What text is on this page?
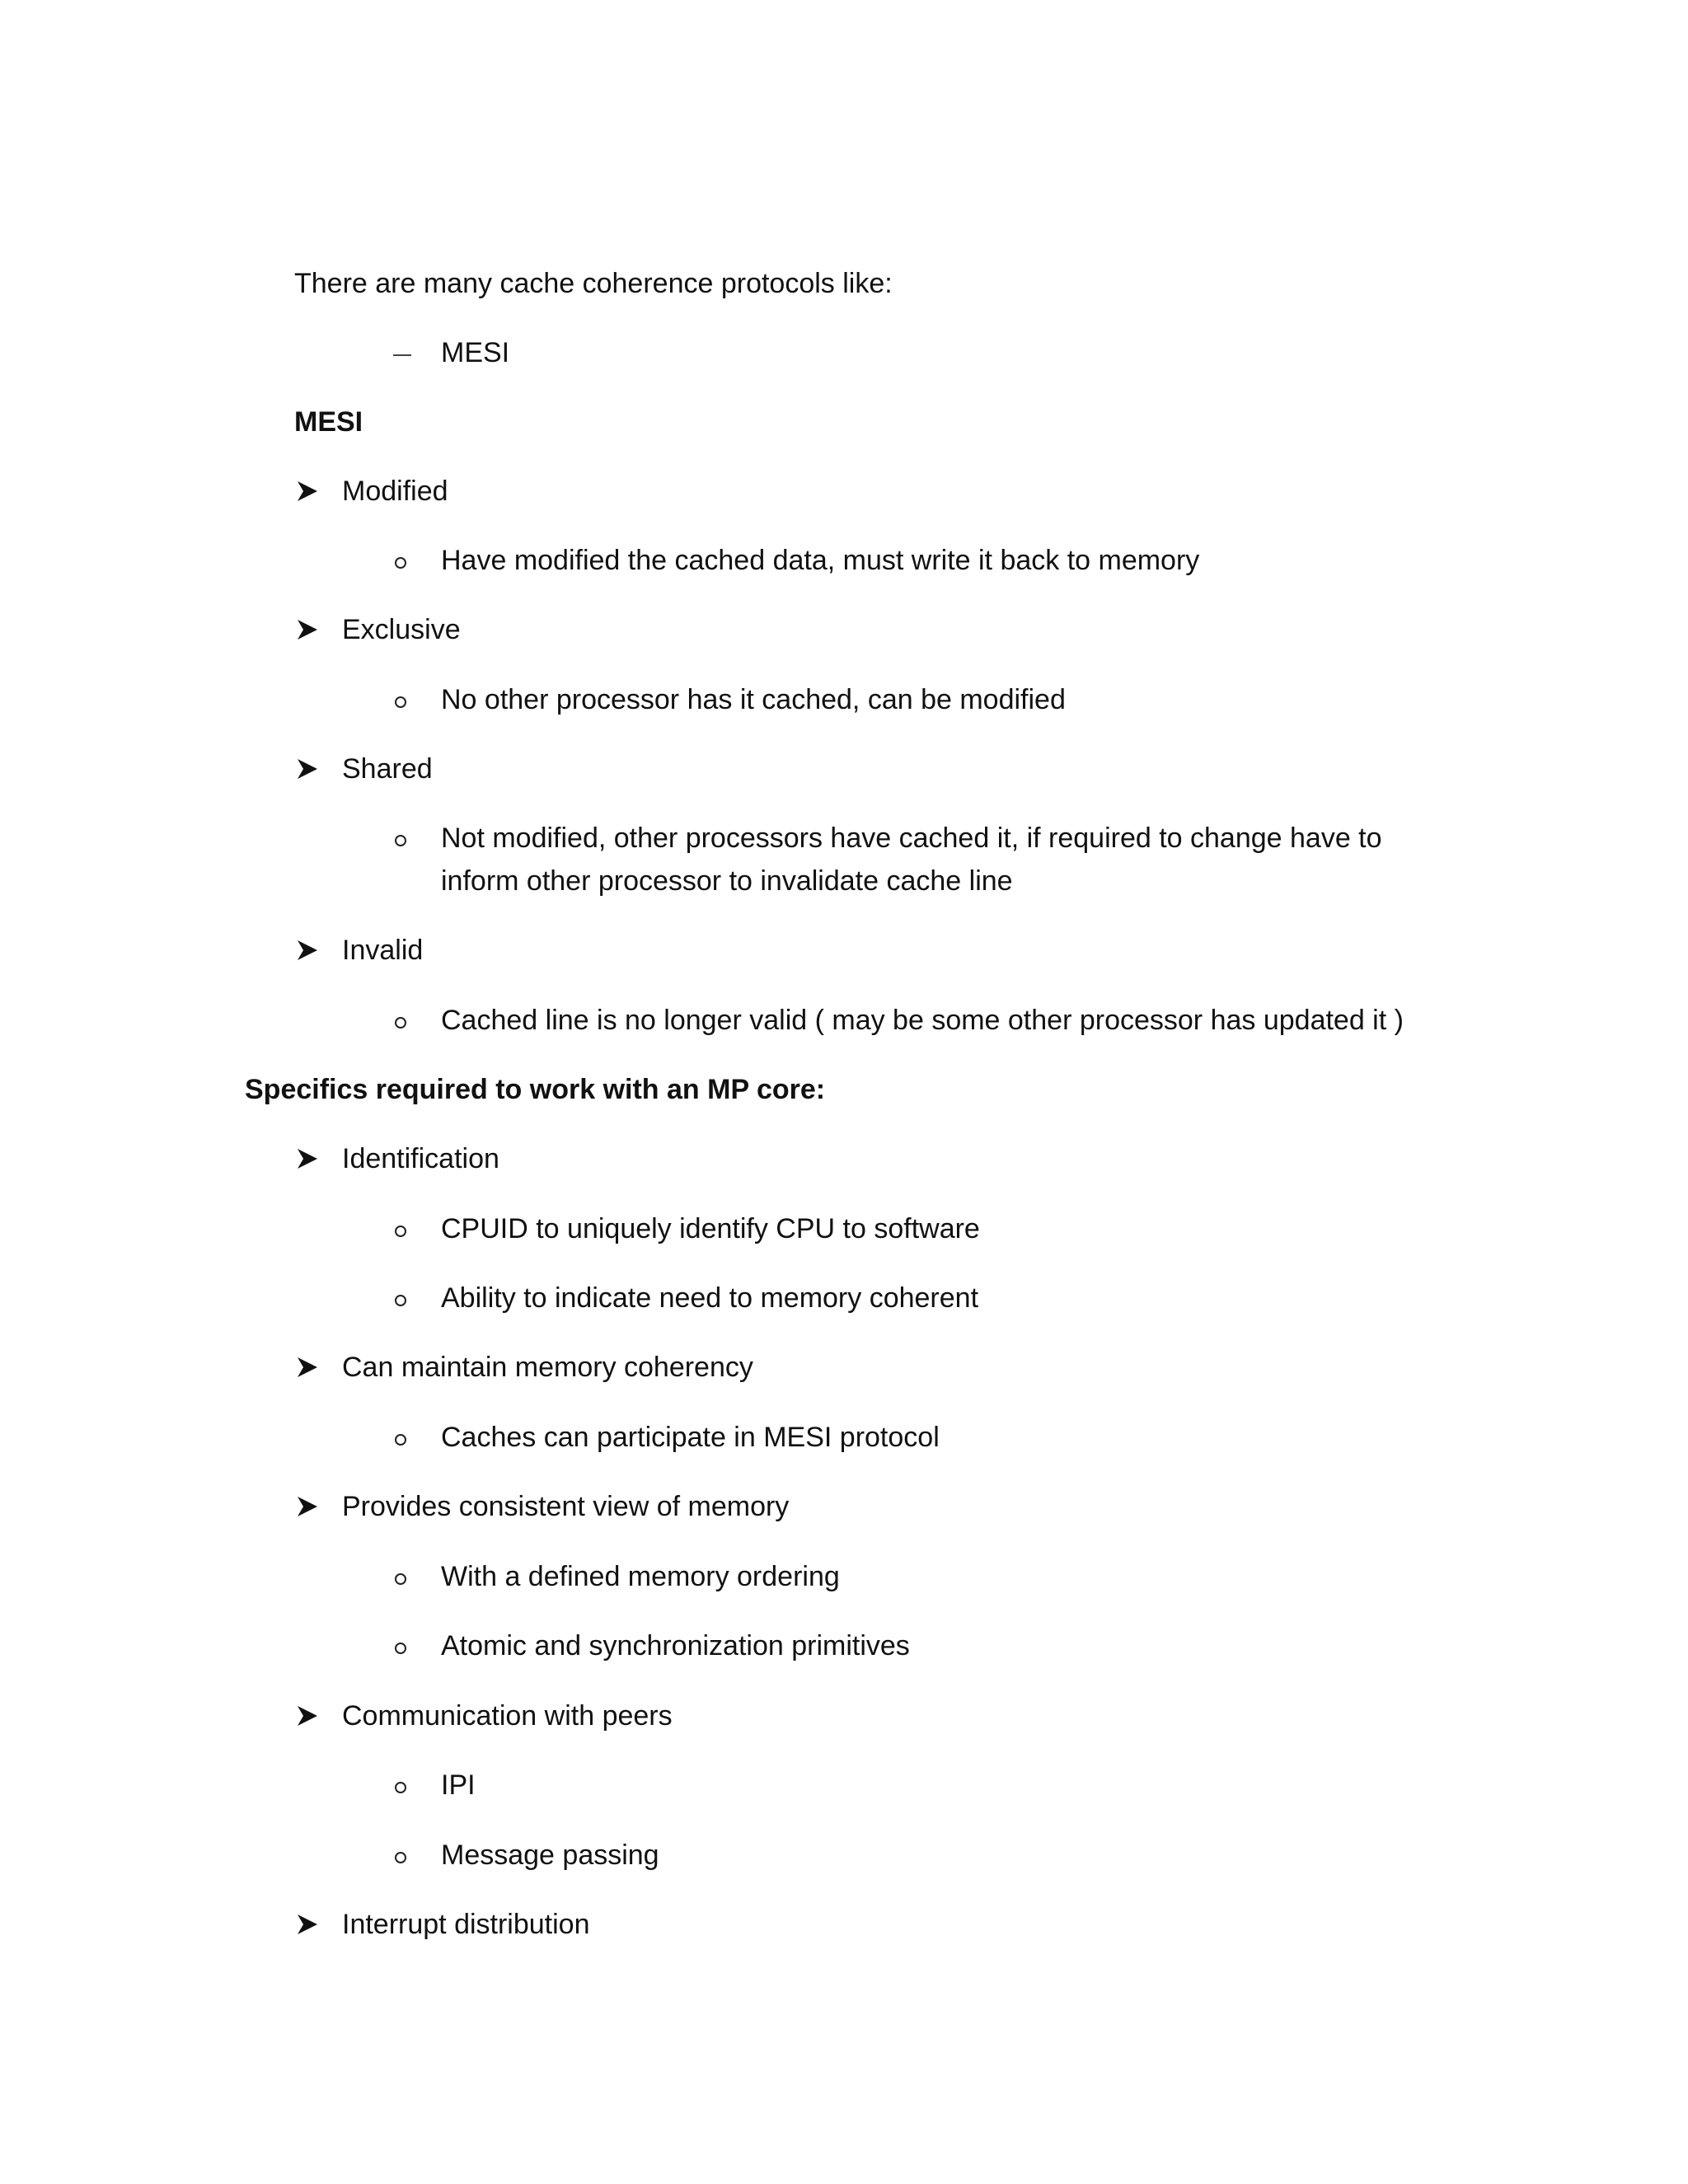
There are many cache coherence protocols like:
MESI
MESI
Modified
Have modified the cached data, must write it back to memory
Exclusive
No other processor has it cached, can be modified
Shared
Not modified, other processors have cached it, if required to change have to
inform other processor to invalidate cache line
Invalid
Cached line is no longer valid ( may be some other processor has updated it )
Specifics required to work with an MP core:
Identification
CPUID to uniquely identify CPU to software
Ability to indicate need to memory coherent
Can maintain memory coherency
Caches can participate in MESI protocol
Provides consistent view of memory
With a defined memory ordering
Atomic and synchronization primitives
Communication with peers
IPI
Message passing
Interrupt distribution
